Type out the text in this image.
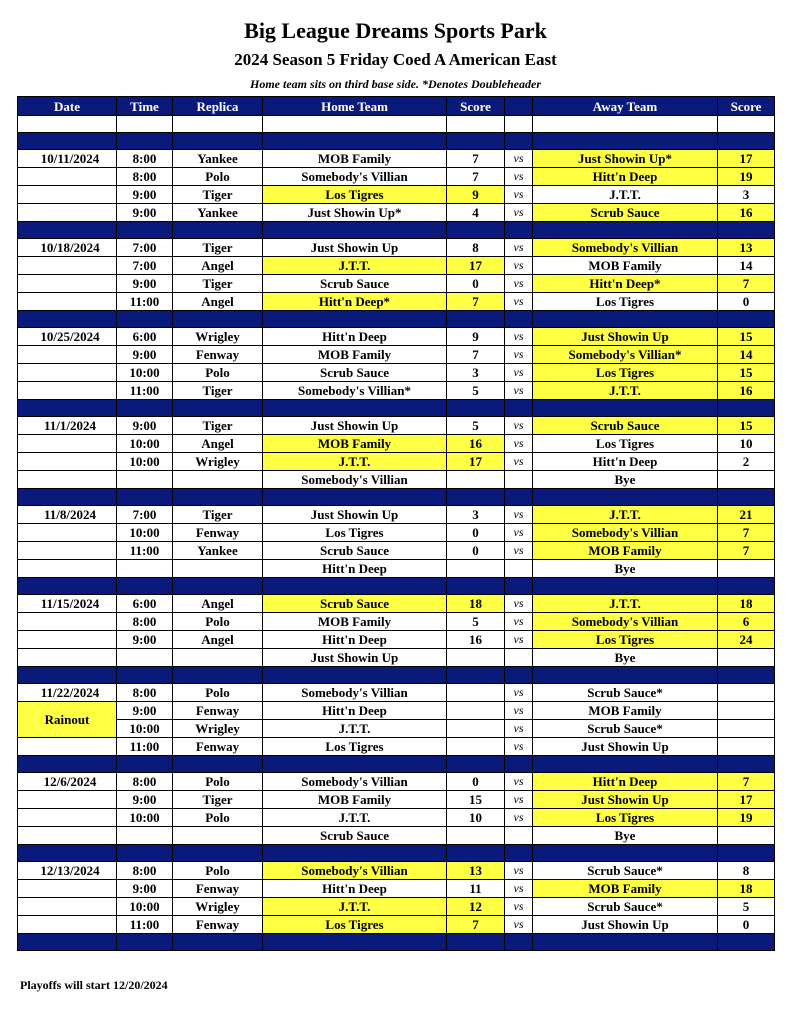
Big League Dreams Sports Park
2024 Season 5 Friday Coed A American East
Home team sits on third base side. *Denotes Doubleheader
Date	Time	Replica	Home Team	Score		Away Team	Score

10/11/2024	8:00	Yankee	MOB Family	7	vs	Just Showin Up*	17
	8:00	Polo	Somebody's Villian	7	vs	Hitt'n Deep	19
	9:00	Tiger	Los Tigres	9	vs	J.T.T.	3
	9:00	Yankee	Just Showin Up*	4	vs	Scrub Sauce	16

10/18/2024	7:00	Tiger	Just Showin Up	8	vs	Somebody's Villian	13
	7:00	Angel	J.T.T.	17	vs	MOB Family	14
	9:00	Tiger	Scrub Sauce	0	vs	Hitt'n Deep*	7
	11:00	Angel	Hitt'n Deep*	7	vs	Los Tigres	0

10/25/2024	6:00	Wrigley	Hitt'n Deep	9	vs	Just Showin Up	15
	9:00	Fenway	MOB Family	7	vs	Somebody's Villian*	14
	10:00	Polo	Scrub Sauce	3	vs	Los Tigres	15
	11:00	Tiger	Somebody's Villian*	5	vs	J.T.T.	16

11/1/2024	9:00	Tiger	Just Showin Up	5	vs	Scrub Sauce	15
	10:00	Angel	MOB Family	16	vs	Los Tigres	10
	10:00	Wrigley	J.T.T.	17	vs	Hitt'n Deep	2
			Somebody's Villian			Bye	

11/8/2024	7:00	Tiger	Just Showin Up	3	vs	J.T.T.	21
	10:00	Fenway	Los Tigres	0	vs	Somebody's Villian	7
	11:00	Yankee	Scrub Sauce	0	vs	MOB Family	7
			Hitt'n Deep			Bye	

11/15/2024	6:00	Angel	Scrub Sauce	18	vs	J.T.T.	18
	8:00	Polo	MOB Family	5	vs	Somebody's Villian	6
	9:00	Angel	Hitt'n Deep	16	vs	Los Tigres	24
			Just Showin Up			Bye	

11/22/2024	8:00	Polo	Somebody's Villian		vs	Scrub Sauce*	
Rainout	9:00	Fenway	Hitt'n Deep		vs	MOB Family	
	10:00	Wrigley	J.T.T.		vs	Scrub Sauce*	
	11:00	Fenway	Los Tigres		vs	Just Showin Up	

12/6/2024	8:00	Polo	Somebody's Villian	0	vs	Hitt'n Deep	7
	9:00	Tiger	MOB Family	15	vs	Just Showin Up	17
	10:00	Polo	J.T.T.	10	vs	Los Tigres	19
			Scrub Sauce			Bye	

12/13/2024	8:00	Polo	Somebody's Villian	13	vs	Scrub Sauce*	8
	9:00	Fenway	Hitt'n Deep	11	vs	MOB Family	18
	10:00	Wrigley	J.T.T.	12	vs	Scrub Sauce*	5
	11:00	Fenway	Los Tigres	7	vs	Just Showin Up	0

Playoffs will start 12/20/2024
